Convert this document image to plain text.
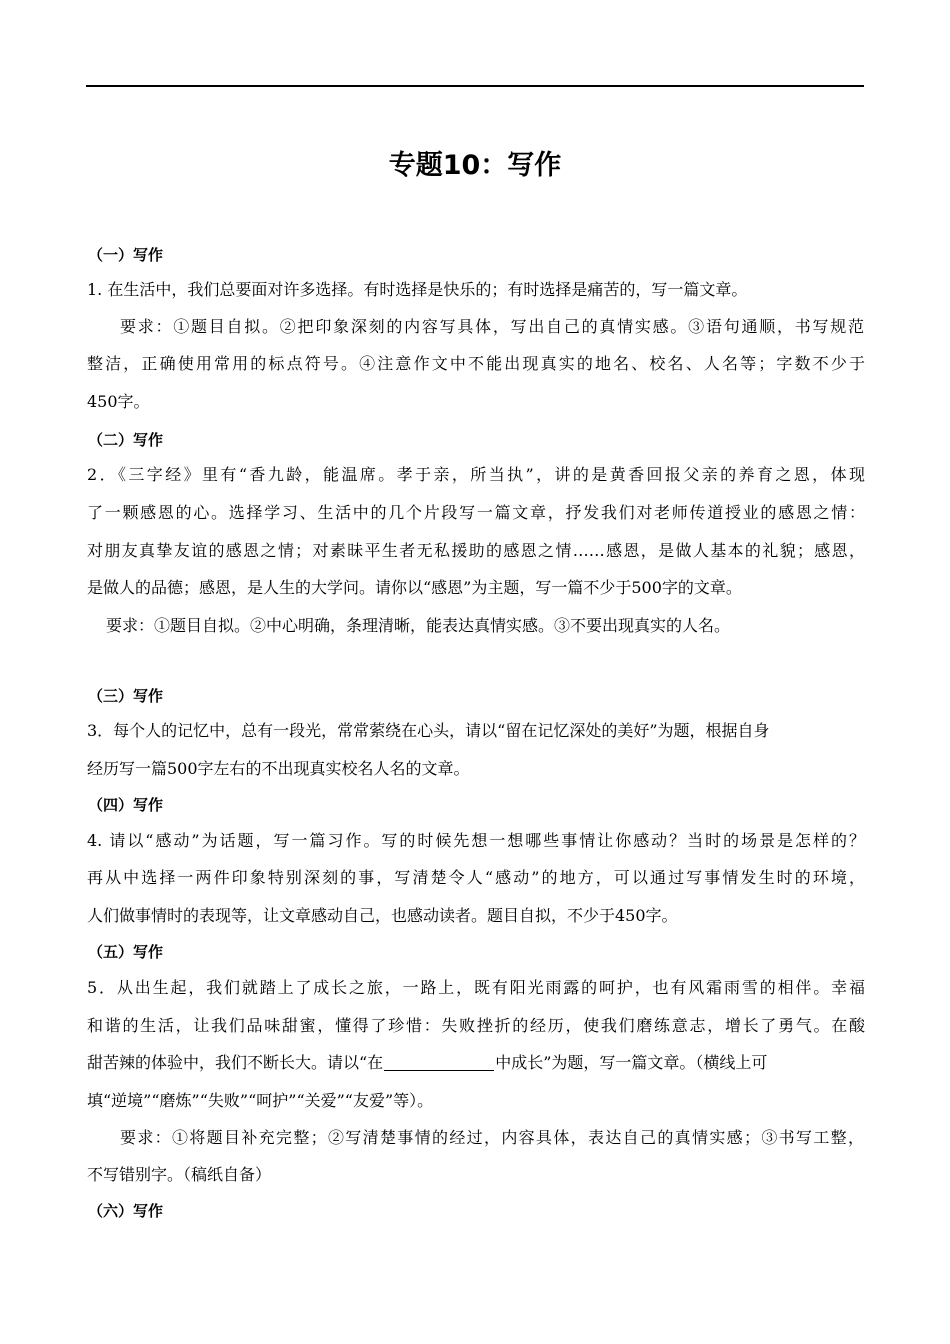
专题10：写作
（一）写作
1. 在生活中，我们总要面对许多选择。有时选择是快乐的；有时选择是痛苦的，写一篇文章。
要求：①题目自拟。②把印象深刻的内容写具体，写出自己的真情实感。③语句通顺，书写规范
整洁，正确使用常用的标点符号。④注意作文中不能出现真实的地名、校名、人名等；字数不少于
450字。
（二）写作
2．《三字经》里有“香九龄，能温席。孝于亲，所当执”，讲的是黄香回报父亲的养育之恩，体现
了一颗感恩的心。选择学习、生活中的几个片段写一篇文章，抒发我们对老师传道授业的感恩之情：
对朋友真挚友谊的感恩之情；对素昧平生者无私援助的感恩之情……感恩，是做人基本的礼貌；感恩，
是做人的品德；感恩，是人生的大学问。请你以“感恩”为主题，写一篇不少于500字的文章。
要求：①题目自拟。②中心明确，条理清晰，能表达真情实感。③不要出现真实的人名。
（三）写作
3．每个人的记忆中，总有一段光，常常萦绕在心头，请以“留在记忆深处的美好”为题，根据自身
经历写一篇500字左右的不出现真实校名人名的文章。
（四）写作
4. 请以“感动”为话题，写一篇习作。写的时候先想一想哪些事情让你感动？当时的场景是怎样的？
再从中选择一两件印象特别深刻的事，写清楚令人“感动”的地方，可以通过写事情发生时的环境，
人们做事情时的表现等，让文章感动自己，也感动读者。题目自拟，不少于450字。
（五）写作
5．从出生起，我们就踏上了成长之旅，一路上，既有阳光雨露的呵护，也有风霜雨雪的相伴。幸福
和谐的生活，让我们品味甜蜜，懂得了珍惜：失败挫折的经历，使我们磨练意志，增长了勇气。在酸
甜苦辣的体验中，我们不断长大。请以“在	中成长”为题，写一篇文章。（横线上可
填“逆境”“磨炼”“失败”“呵护”“关爱”“友爱”等）。
要求：①将题目补充完整；②写清楚事情的经过，内容具体，表达自己的真情实感；③书写工整，
不写错别字。（稿纸自备）
（六）写作
